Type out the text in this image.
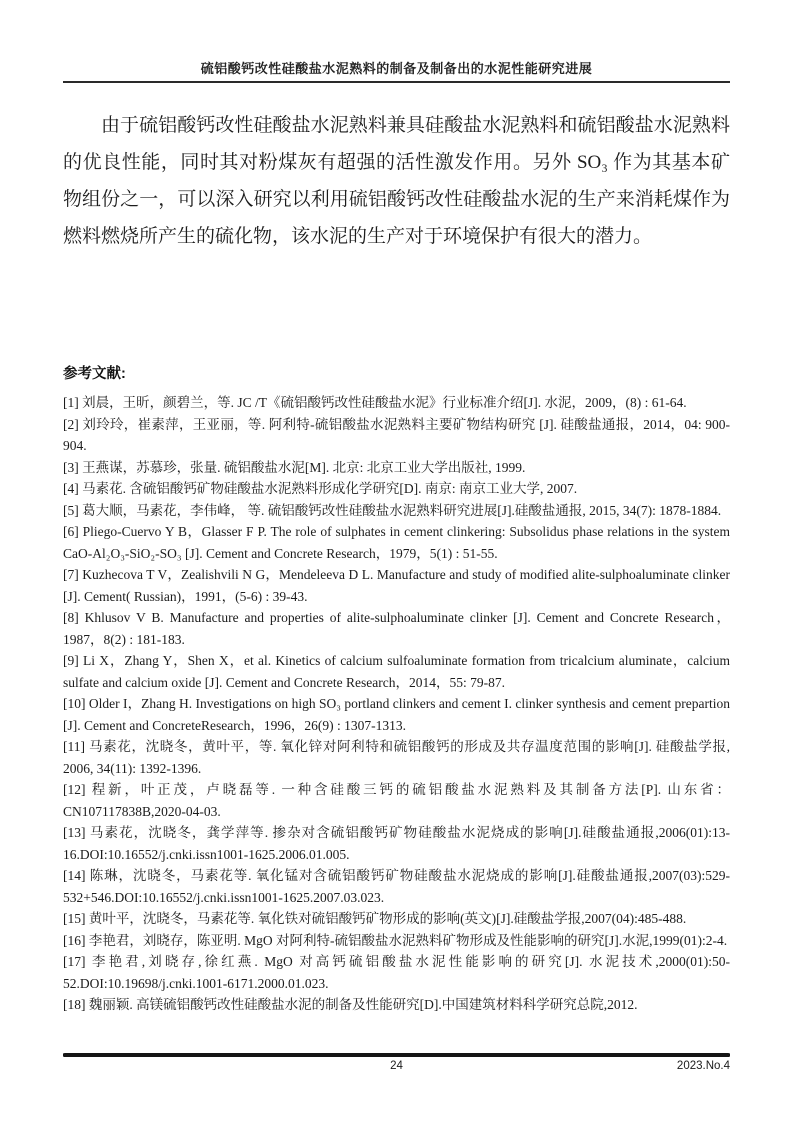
硫铝酸钙改性硅酸盐水泥熟料的制备及制备出的水泥性能研究进展

由于硫铝酸钙改性硅酸盐水泥熟料兼具硅酸盐水泥熟料和硫铝酸盐水泥熟料的优良性能，同时其对粉煤灰有超强的活性激发作用。另外 SO₃ 作为其基本矿物组份之一，可以深入研究以利用硫铝酸钙改性硅酸盐水泥的生产来消耗煤作为燃料燃烧所产生的硫化物，该水泥的生产对于环境保护有很大的潜力。

参考文献:

[1] 刘晨，王昕，颜碧兰，等. JC /T《硫铝酸钙改性硅酸盐水泥》行业标准介绍[J]. 水泥，2009，(8) : 61-64.

[2] 刘玲玲，崔素萍，王亚丽，等. 阿利特-硫铝酸盐水泥熟料主要矿物结构研究 [J]. 硅酸盐通报，2014，04: 900-904.

[3] 王燕谋，苏慕珍，张量. 硫铝酸盐水泥[M]. 北京: 北京工业大学出版社, 1999.

[4] 马素花. 含硫铝酸钙矿物硅酸盐水泥熟料形成化学研究[D]. 南京: 南京工业大学, 2007.

[5] 葛大顺，马素花，李伟峰， 等. 硫铝酸钙改性硅酸盐水泥熟料研究进展[J].硅酸盐通报, 2015, 34(7): 1878-1884.

[6] Pliego-Cuervo Y B，Glasser F P. The role of sulphates in cement clinkering: Subsolidus phase relations in the system CaO-Al₂O₃-SiO₂-SO₃ [J]. Cement and Concrete Research，1979，5(1) : 51-55.

[7] Kuzhecova T V，Zealishvili N G，Mendeleeva D L. Manufacture and study of modified alite-sulphoaluminate clinker [J]. Cement( Russian)，1991，(5-6) : 39-43.

[8] Khlusov V B. Manufacture and properties of alite-sulphoaluminate clinker [J]. Cement and Concrete Research，1987，8(2) : 181-183.

[9] Li X，Zhang Y，Shen X，et al. Kinetics of calcium sulfoaluminate formation from tricalcium aluminate，calcium sulfate and calcium oxide [J]. Cement and Concrete Research，2014，55: 79-87.

[10] Older I，Zhang H. Investigations on high SO₃ portland clinkers and cement I. clinker synthesis and cement prepartion [J]. Cement and ConcreteResearch，1996，26(9) : 1307-1313.

[11] 马素花，沈晓冬，黄叶平，等. 氧化锌对阿利特和硫铝酸钙的形成及共存温度范围的影响[J]. 硅酸盐学报, 2006, 34(11): 1392-1396.

[12] 程新，叶正茂，卢晓磊等. 一种含硅酸三钙的硫铝酸盐水泥熟料及其制备方法[P]. 山东省：CN107117838B,2020-04-03.

[13] 马素花，沈晓冬，龚学萍等. 掺杂对含硫铝酸钙矿物硅酸盐水泥烧成的影响[J].硅酸盐通报,2006(01):13-16.DOI:10.16552/j.cnki.issn1001-1625.2006.01.005.

[14] 陈琳，沈晓冬，马素花等. 氧化锰对含硫铝酸钙矿物硅酸盐水泥烧成的影响[J].硅酸盐通报,2007(03):529-532+546.DOI:10.16552/j.cnki.issn1001-1625.2007.03.023.

[15] 黄叶平，沈晓冬，马素花等. 氧化铁对硫铝酸钙矿物形成的影响(英文)[J].硅酸盐学报,2007(04):485-488.

[16] 李艳君，刘晓存，陈亚明. MgO 对阿利特-硫铝酸盐水泥熟料矿物形成及性能影响的研究[J].水泥,1999(01):2-4.

[17] 李艳君,刘晓存,徐红燕. MgO 对高钙硫铝酸盐水泥性能影响的研究[J]. 水泥技术,2000(01):50-52.DOI:10.19698/j.cnki.1001-6171.2000.01.023.

[18] 魏丽颖. 高镁硫铝酸钙改性硅酸盐水泥的制备及性能研究[D].中国建筑材料科学研究总院,2012.

24	2023.No.4
